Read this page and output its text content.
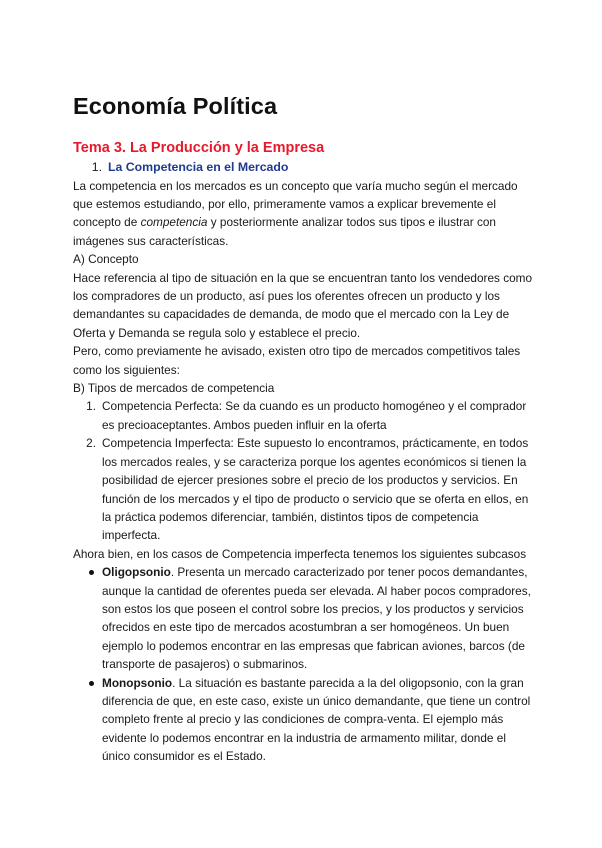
Economía Política
Tema 3. La Producción y la Empresa
1. La Competencia en el Mercado

La competencia en los mercados es un concepto que varía mucho según el mercado que estemos estudiando, por ello, primeramente vamos a explicar brevemente el concepto de competencia y posteriormente analizar todos sus tipos e ilustrar con imágenes sus características.

A) Concepto

Hace referencia al tipo de situación en la que se encuentran tanto los vendedores como los compradores de un producto, así pues los oferentes ofrecen un producto y los demandantes su capacidades de demanda, de modo que el mercado con la Ley de Oferta y Demanda se regula solo y establece el precio.

Pero, como previamente he avisado, existen otro tipo de mercados competitivos tales como los siguientes:

B) Tipos de mercados de competencia

1. Competencia Perfecta: Se da cuando es un producto homogéneo y el comprador es precioaceptantes. Ambos pueden influir en la oferta
2. Competencia Imperfecta: Este supuesto lo encontramos, prácticamente, en todos los mercados reales, y se caracteriza porque los agentes económicos si tienen la posibilidad de ejercer presiones sobre el precio de los productos y servicios. En función de los mercados y el tipo de producto o servicio que se oferta en ellos, en la práctica podemos diferenciar, también, distintos tipos de competencia imperfecta.

Ahora bien, en los casos de Competencia imperfecta tenemos los siguientes subcasos

Oligopsonio. Presenta un mercado caracterizado por tener pocos demandantes, aunque la cantidad de oferentes pueda ser elevada. Al haber pocos compradores, son estos los que poseen el control sobre los precios, y los productos y servicios ofrecidos en este tipo de mercados acostumbran a ser homogéneos. Un buen ejemplo lo podemos encontrar en las empresas que fabrican aviones, barcos (de transporte de pasajeros) o submarinos.
Monopsonio. La situación es bastante parecida a la del oligopsonio, con la gran diferencia de que, en este caso, existe un único demandante, que tiene un control completo frente al precio y las condiciones de compra-venta. El ejemplo más evidente lo podemos encontrar en la industria de armamento militar, donde el único consumidor es el Estado.
